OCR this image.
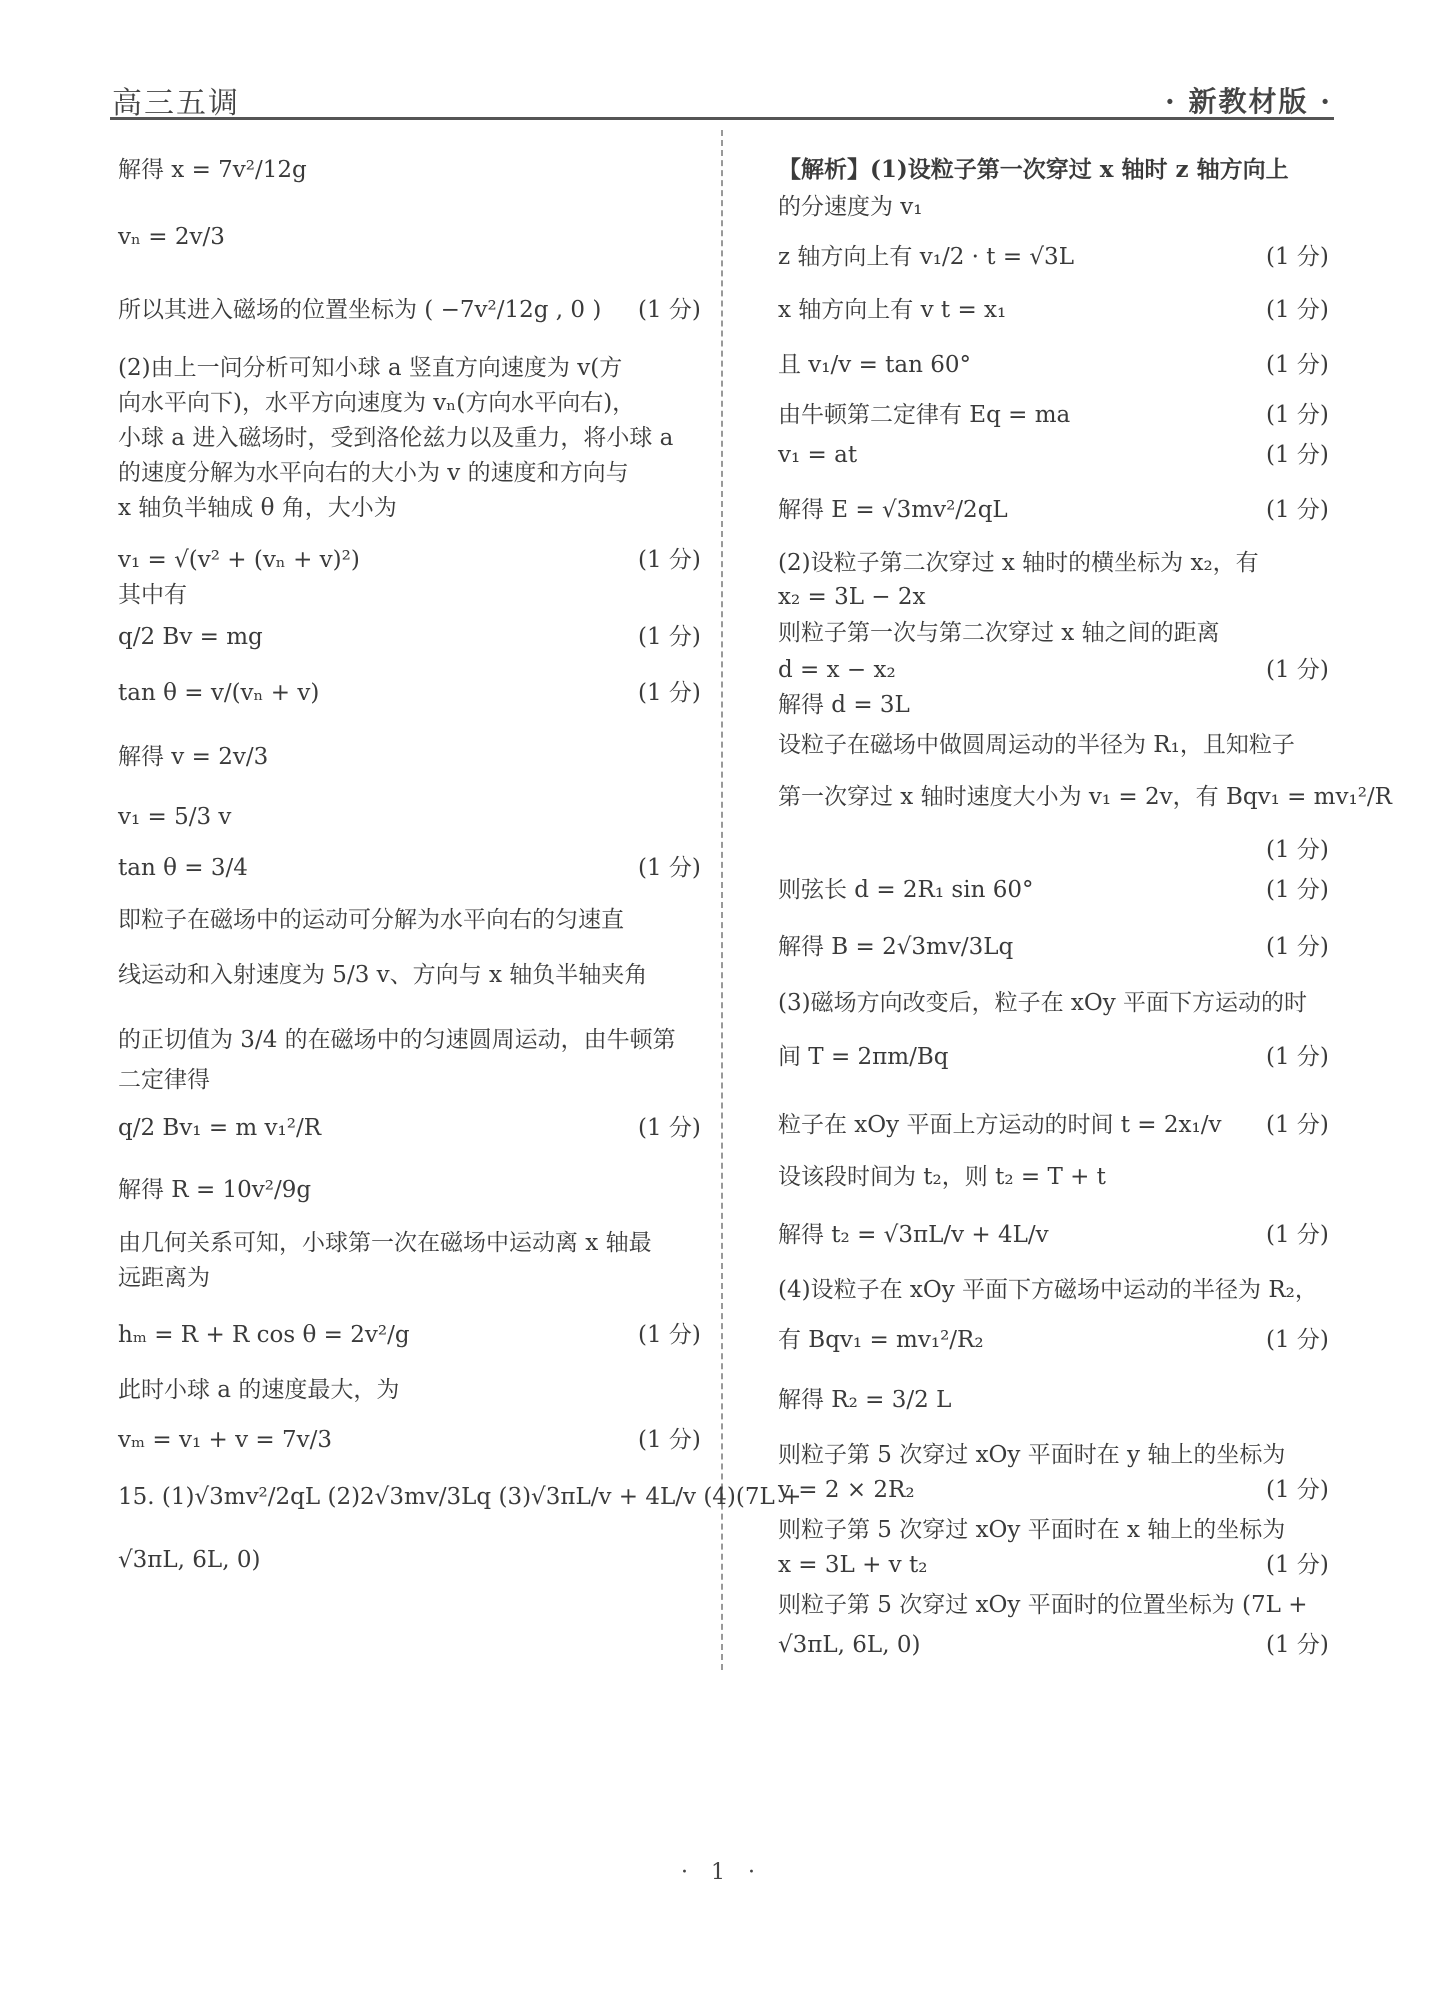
高三五调	· 新教材版 ·
解得 x = 7v²/12g
vₙ = 2v/3
所以其进入磁场的位置坐标为 ( −7v²/12g , 0 ) (1 分)
(2)由上一问分析可知小球 a 竖直方向速度为 v(方
向水平向下)，水平方向速度为 vₙ(方向水平向右)，
小球 a 进入磁场时，受到洛伦兹力以及重力，将小球 a
的速度分解为水平向右的大小为 v 的速度和方向与
x 轴负半轴成 θ 角，大小为
v₁ = √(v² + (vₙ + v)²)	(1 分)
其中有
q/2 Bv = mg	(1 分)
tan θ = v/(vₙ + v)	(1 分)
解得 v = 2v/3
v₁ = 5/3 v
tan θ = 3/4	(1 分)
即粒子在磁场中的运动可分解为水平向右的匀速直
线运动和入射速度为 5/3 v、方向与 x 轴负半轴夹角
的正切值为 3/4 的在磁场中的匀速圆周运动，由牛顿第
二定律得
q/2 Bv₁ = m v₁²/R	(1 分)
解得 R = 10v²/9g
由几何关系可知，小球第一次在磁场中运动离 x 轴最
远距离为
hₘ = R + R cos θ = 2v²/g	(1 分)
此时小球 a 的速度最大，为
vₘ = v₁ + v = 7v/3	(1 分)
15. (1)√3mv²/2qL (2)2√3mv/3Lq (3)√3πL/v + 4L/v (4)(7L +
√3πL, 6L, 0)
【解析】(1)设粒子第一次穿过 x 轴时 z 轴方向上
的分速度为 v₁
z 轴方向上有 v₁/2 · t = √3L	(1 分)
x 轴方向上有 v t = x₁	(1 分)
且 v₁/v = tan 60°	(1 分)
由牛顿第二定律有 Eq = ma	(1 分)
v₁ = at	(1 分)
解得 E = √3mv²/2qL	(1 分)
(2)设粒子第二次穿过 x 轴时的横坐标为 x₂，有
x₂ = 3L − 2x
则粒子第一次与第二次穿过 x 轴之间的距离
d = x − x₂	(1 分)
解得 d = 3L
设粒子在磁场中做圆周运动的半径为 R₁，且知粒子
第一次穿过 x 轴时速度大小为 v₁ = 2v，有 Bqv₁ = mv₁²/R
(1 分)
则弦长 d = 2R₁ sin 60°	(1 分)
解得 B = 2√3mv/3Lq	(1 分)
(3)磁场方向改变后，粒子在 xOy 平面下方运动的时
间 T = 2πm/Bq	(1 分)
粒子在 xOy 平面上方运动的时间 t = 2x₁/v (1 分)
设该段时间为 t₂，则 t₂ = T + t
解得 t₂ = √3πL/v + 4L/v	(1 分)
(4)设粒子在 xOy 平面下方磁场中运动的半径为 R₂，
有 Bqv₁ = mv₁²/R₂	(1 分)
解得 R₂ = 3/2 L
则粒子第 5 次穿过 xOy 平面时在 y 轴上的坐标为
y = 2 × 2R₂	(1 分)
则粒子第 5 次穿过 xOy 平面时在 x 轴上的坐标为
x = 3L + v t₂	(1 分)
则粒子第 5 次穿过 xOy 平面时的位置坐标为 (7L +
√3πL, 6L, 0)	(1 分)
· 1 ·
